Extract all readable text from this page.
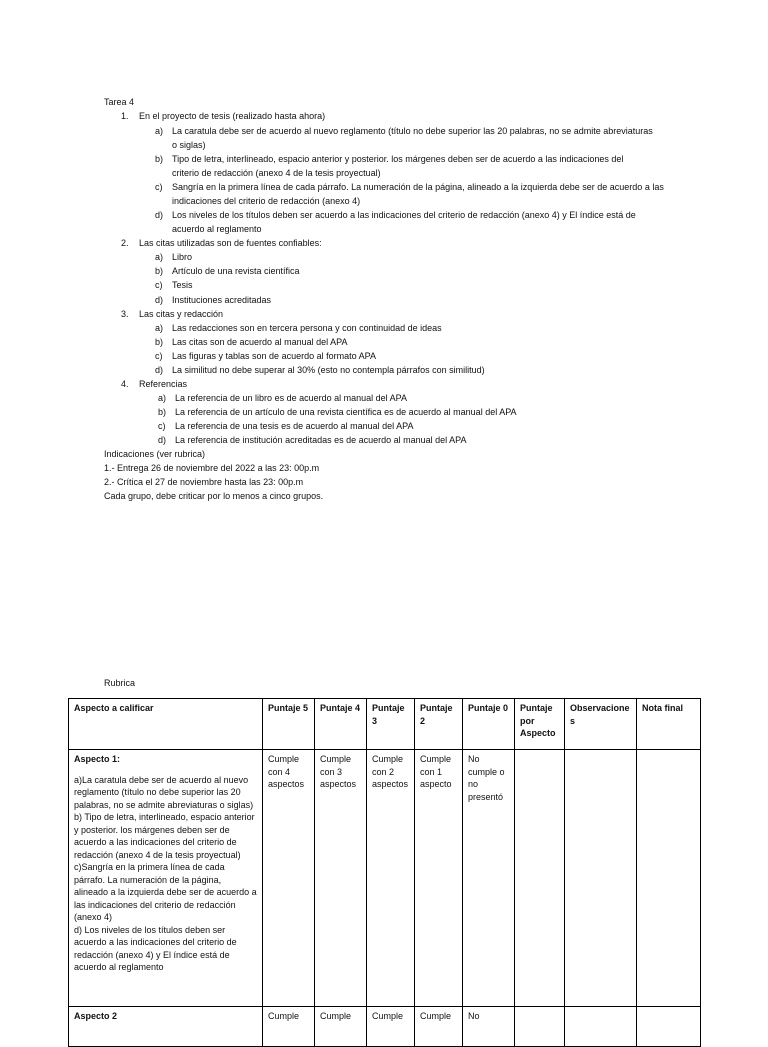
Tarea 4
1. En el proyecto de tesis (realizado hasta ahora)
a) La caratula debe ser de acuerdo al nuevo reglamento (título no debe superior las 20 palabras, no se admite abreviaturas
o siglas)
b) Tipo de letra, interlineado, espacio anterior y posterior. los márgenes deben ser de acuerdo a las indicaciones del
criterio de redacción (anexo 4 de la tesis proyectual)
c) Sangría en la primera línea de cada párrafo. La numeración de la página, alineado a la izquierda debe ser de acuerdo a las
indicaciones del criterio de redacción (anexo 4)
d) Los niveles de los títulos deben ser acuerdo a las indicaciones del criterio de redacción (anexo 4) y El índice está de
acuerdo al reglamento
2. Las citas utilizadas son de fuentes confiables:
a) Libro
b) Artículo de una revista científica
c) Tesis
d) Instituciones acreditadas
3. Las citas y redacción
a) Las redacciones son en tercera persona y con continuidad de ideas
b) Las citas son de acuerdo al manual del APA
c) Las figuras y tablas son de acuerdo al formato APA
d) La similitud no debe superar al 30% (esto no contempla párrafos con similitud)
4. Referencias
a) La referencia de un libro es de acuerdo al manual del APA
b) La referencia de un artículo de una revista científica es de acuerdo al manual del APA
c) La referencia de una tesis es de acuerdo al manual del APA
d) La referencia de institución acreditadas es de acuerdo al manual del APA
Indicaciones (ver rubrica)
1.- Entrega 26 de noviembre del 2022 a las 23: 00p.m
2.- Crítica el 27 de noviembre hasta las 23: 00p.m
Cada grupo, debe criticar por lo menos a cinco grupos.
Rubrica
Aspecto a calificar	Puntaje 5	Puntaje 4	Puntaje 3	Puntaje 2	Puntaje 0	Puntaje por Aspecto	Observaciones	Nota final

Aspecto 1:
a)La caratula debe ser de acuerdo al nuevo reglamento (título no debe superior las 20 palabras, no se admite abreviaturas o siglas)
b) Tipo de letra, interlineado, espacio anterior y posterior. los márgenes deben ser de acuerdo a las indicaciones del criterio de redacción (anexo 4 de la tesis proyectual)
c)Sangría en la primera línea de cada párrafo. La numeración de la página, alineado a la izquierda debe ser de acuerdo a las indicaciones del criterio de redacción (anexo 4)
d) Los niveles de los títulos deben ser acuerdo a las indicaciones del criterio de redacción (anexo 4) y El índice está de acuerdo al reglamento	Cumple con 4 aspectos	Cumple con 3 aspectos	Cumple con 2 aspectos	Cumple con 1 aspecto	No cumple o no presentó			

Aspecto 2	Cumple	Cumple	Cumple	Cumple	No			
